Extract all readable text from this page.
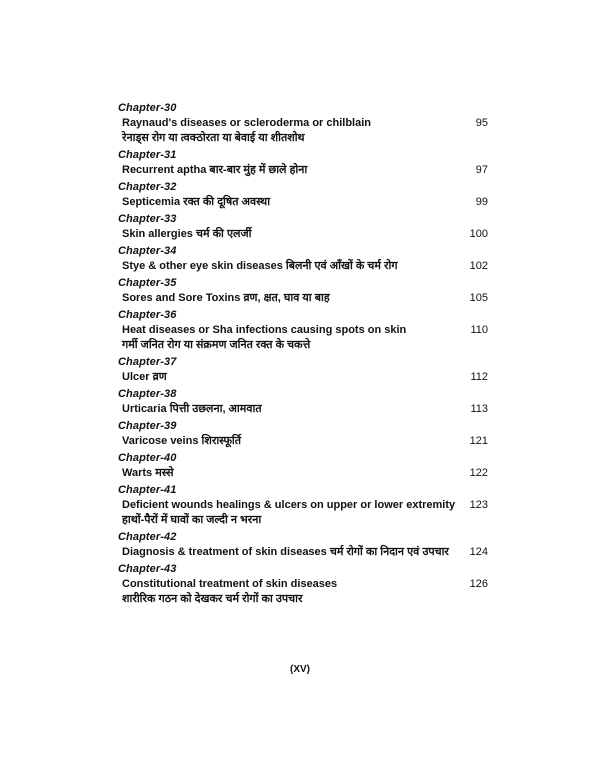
Chapter-30
Raynaud's diseases or scleroderma or chilblain	95
रेनाड्स रोग या त्वक्ठोरता या बेवाई या शीतशोथ
Chapter-31
Recurrent aptha बार-बार मुंह में छाले होना	97
Chapter-32
Septicemia रक्त की दूषित अवस्था	99
Chapter-33
Skin allergies चर्म की एलर्जी	100
Chapter-34
Stye & other eye skin diseases बिलनी एवं आँखों के चर्म रोग	102
Chapter-35
Sores and Sore Toxins व्रण, क्षत, घाव या बाह	105
Chapter-36
Heat diseases or Sha infections causing spots on skin	110
गर्मी जनित रोग या संक्रमण जनित रक्त के चकत्ते
Chapter-37
Ulcer व्रण	112
Chapter-38
Urticaria पित्ती उछलना, आमवात	113
Chapter-39
Varicose veins शिरास्फूर्ति	121
Chapter-40
Warts मस्से	122
Chapter-41
Deficient wounds healings & ulcers on upper or lower extremity	123
हाथों-पैरों में घावों का जल्दी न भरना
Chapter-42
Diagnosis & treatment of skin diseases चर्म रोगों का निदान एवं उपचार	124
Chapter-43
Constitutional treatment of skin diseases	126
शारीरिक गठन को देखकर चर्म रोगों का उपचार
(XV)
